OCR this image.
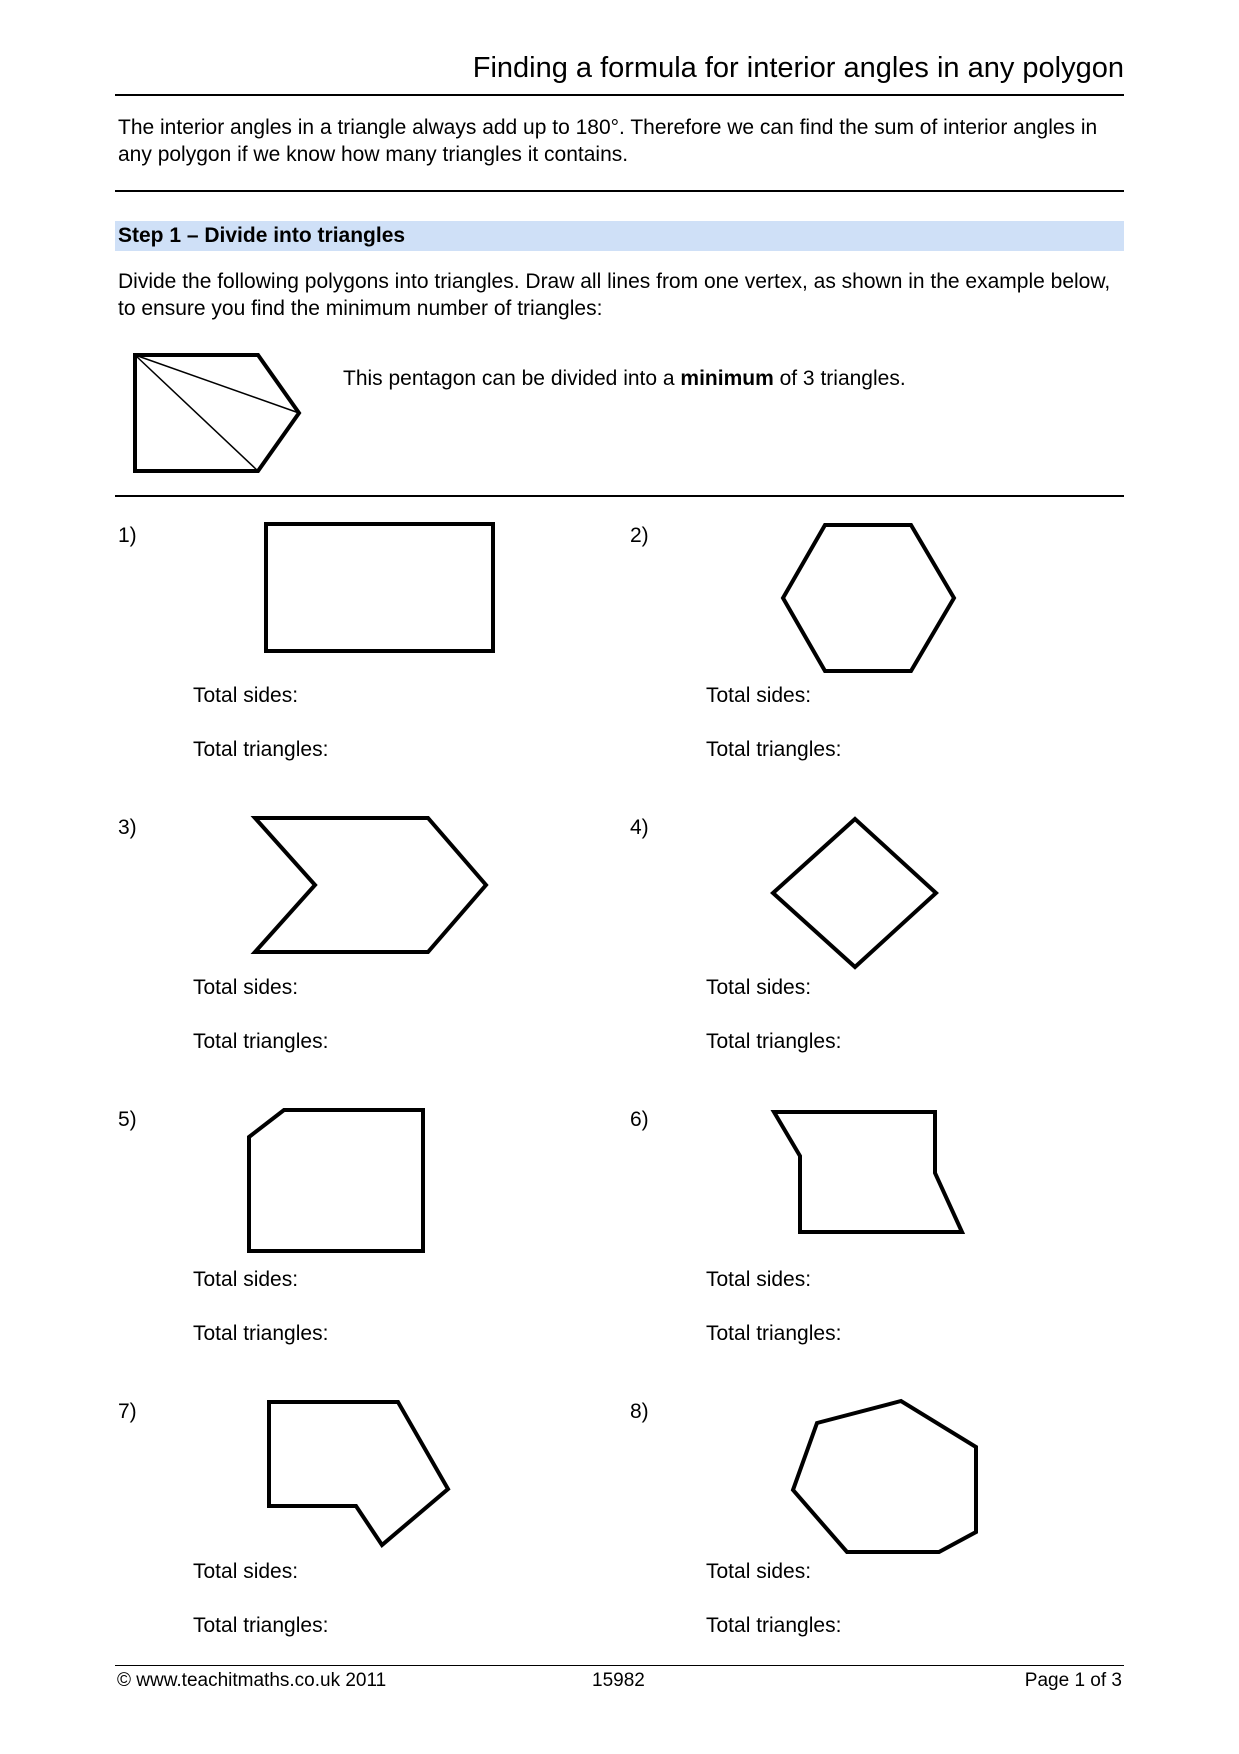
Finding a formula for interior angles in any polygon
The interior angles in a triangle always add up to 180°. Therefore we can find the sum of interior angles in any polygon if we know how many triangles it contains.
Step 1 – Divide into triangles
Divide the following polygons into triangles. Draw all lines from one vertex, as shown in the example below, to ensure you find the minimum number of triangles:
This pentagon can be divided into a minimum of 3 triangles.
1)
Total sides:
Total triangles:
2)
Total sides:
Total triangles:
3)
Total sides:
Total triangles:
4)
Total sides:
Total triangles:
5)
Total sides:
Total triangles:
6)
Total sides:
Total triangles:
7)
Total sides:
Total triangles:
8)
Total sides:
Total triangles:
© www.teachitmaths.co.uk 2011	15982	Page 1 of 3
